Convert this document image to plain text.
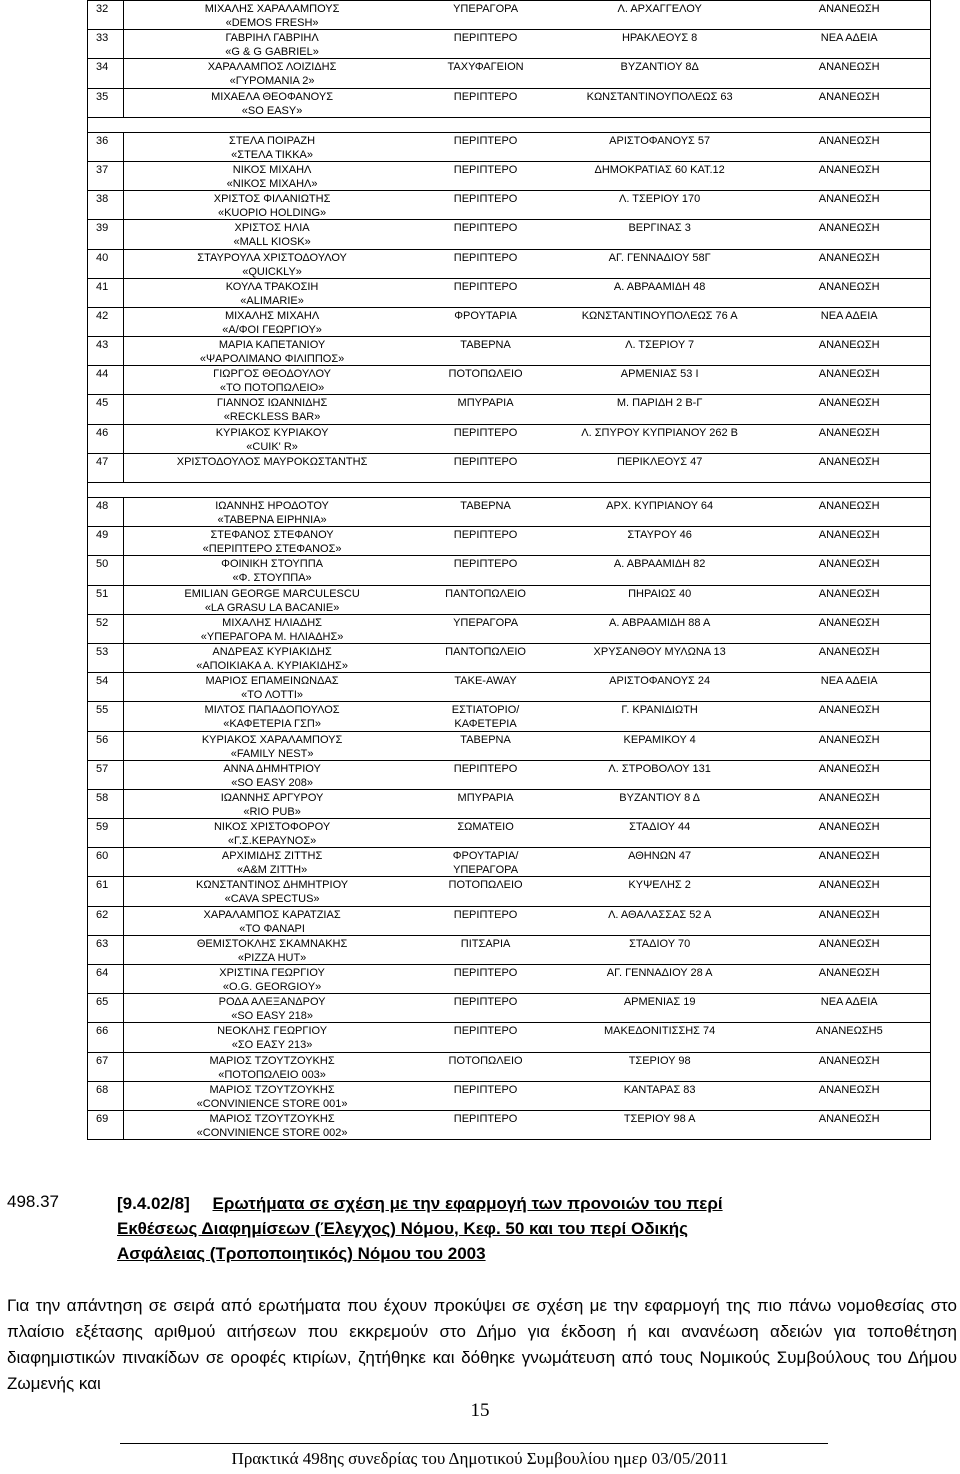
32	ΜΙΧΑΛΗΣ ΧΑΡΑΛΑΜΠΟΥΣ
«DEMOS FRESH»
ΥΠΕΡΑΓΟΡΑ	Λ. ΑΡΧΑΓΓΕΛΟΥ	ΑΝΑΝΕΩΣΗ
33	ΓΑΒΡΙΗΛ ΓΑΒΡΙΗΛ
«G & G GABRIEL»
ΠΕΡΙΠΤΕΡΟ	ΗΡΑΚΛΕΟΥΣ 8	ΝΕΑ ΑΔΕΙΑ
34	ΧΑΡΑΛΑΜΠΟΣ ΛΟΙΖΙΔΗΣ
«ΓΥΡΟΜΑΝΙΑ 2»
ΤΑΧΥΦΑΓΕΙΟΝ	ΒΥΖΑΝΤΙΟΥ 8Δ	ΑΝΑΝΕΩΣΗ
35	ΜΙΧΑΕΛΑ ΘΕΟΦΑΝΟΥΣ
«SO EASY»
ΠΕΡΙΠΤΕΡΟ	ΚΩΝΣΤΑΝΤΙΝΟΥΠΟΛΕΩΣ 63	ΑΝΑΝΕΩΣΗ
36	ΣΤΕΛΑ ΠΟΙΡΑΖΗ
«ΣΤΕΛΑ ΤΙΚΚΑ»
ΠΕΡΙΠΤΕΡΟ	ΑΡΙΣΤΟΦΑΝΟΥΣ 57	ΑΝΑΝΕΩΣΗ
37	ΝΙΚΟΣ ΜΙΧΑΗΛ
«ΝΙΚΟΣ ΜΙΧΑΗΛ»
ΠΕΡΙΠΤΕΡΟ	ΔΗΜΟΚΡΑΤΙΑΣ 60 ΚΑΤ.12	ΑΝΑΝΕΩΣΗ
38	ΧΡΙΣΤΟΣ ΦΙΛΑΝΙΩΤΗΣ
«KUOPIO HOLDING»
ΠΕΡΙΠΤΕΡΟ	Λ. ΤΣΕΡΙΟΥ 170	ΑΝΑΝΕΩΣΗ
39	ΧΡΙΣΤΟΣ ΗΛΙΑ
«MALL KIOSK»
ΠΕΡΙΠΤΕΡΟ	ΒΕΡΓΙΝΑΣ 3	ΑΝΑΝΕΩΣΗ
40	ΣΤΑΥΡΟΥΛΑ ΧΡΙΣΤΟΔΟΥΛΟΥ
«QUICKLY»
ΠΕΡΙΠΤΕΡΟ	ΑΓ. ΓΕΝΝΑΔΙΟΥ 58Γ	ΑΝΑΝΕΩΣΗ
41	ΚΟΥΛΑ ΤΡΑΚΟΣΙΗ
«ALIMARIE»
ΠΕΡΙΠΤΕΡΟ	Α. ΑΒΡΑΑΜΙΔΗ 48	ΑΝΑΝΕΩΣΗ
42	ΜΙΧΑΛΗΣ ΜΙΧΑΗΛ
«Α/ΦΟΙ ΓΕΩΡΓΙΟΥ»
ΦΡΟΥΤΑΡΙΑ	ΚΩΝΣΤΑΝΤΙΝΟΥΠΟΛΕΩΣ 76 Α	ΝΕΑ ΑΔΕΙΑ
43	ΜΑΡΙΑ ΚΑΠΕΤΑΝΙΟΥ
«ΨΑΡΟΛΙΜΑΝΟ ΦΙΛΙΠΠΟΣ»
ΤΑΒΕΡΝΑ	Λ. ΤΣΕΡΙΟΥ 7	ΑΝΑΝΕΩΣΗ
44	ΓΙΩΡΓΟΣ ΘΕΟΔΟΥΛΟΥ
«ΤΟ ΠΟΤΟΠΩΛΕΙΟ»
ΠΟΤΟΠΩΛΕΙΟ	ΑΡΜΕΝΙΑΣ 53 Ι	ΑΝΑΝΕΩΣΗ
45	ΓΙΑΝΝΟΣ ΙΩΑΝΝΙΔΗΣ
«RECKLESS BAR»
ΜΠΥΡΑΡΙΑ	Μ. ΠΑΡΙΔΗ 2 Β-Γ	ΑΝΑΝΕΩΣΗ
46	ΚΥΡΙΑΚΟΣ ΚΥΡΙΑΚΟΥ
«CUIK' R»
ΠΕΡΙΠΤΕΡΟ	Λ. ΣΠΥΡΟΥ ΚΥΠΡΙΑΝΟΥ 262 Β	ΑΝΑΝΕΩΣΗ
47	ΧΡΙΣΤΟΔΟΥΛΟΣ ΜΑΥΡΟΚΩΣΤΑΝΤΗΣ	ΠΕΡΙΠΤΕΡΟ	ΠΕΡΙΚΛΕΟΥΣ 47	ΑΝΑΝΕΩΣΗ
48	ΙΩΑΝΝΗΣ ΗΡΟΔΟΤΟΥ
«ΤΑΒΕΡΝΑ ΕΙΡΗΝΙΑ»
ΤΑΒΕΡΝΑ	ΑΡΧ. ΚΥΠΡΙΑΝΟΥ 64	ΑΝΑΝΕΩΣΗ
49	ΣΤΕΦΑΝΟΣ ΣΤΕΦΑΝΟΥ
«ΠΕΡΙΠΤΕΡΟ ΣΤΕΦΑΝΟΣ»
ΠΕΡΙΠΤΕΡΟ	ΣΤΑΥΡΟΥ 46	ΑΝΑΝΕΩΣΗ
50	ΦΟΙΝΙΚΗ ΣΤΟΥΠΠΑ
«Φ. ΣΤΟΥΠΠΑ»
ΠΕΡΙΠΤΕΡΟ	Α. ΑΒΡΑΑΜΙΔΗ 82	ΑΝΑΝΕΩΣΗ
51	EMILIAN GEORGE MARCULESCU
«LA GRASU LA BACANIE»
ΠΑΝΤΟΠΩΛΕΙΟ	ΠΗΡΑΙΩΣ 40	ΑΝΑΝΕΩΣΗ
52	ΜΙΧΑΛΗΣ ΗΛΙΑΔΗΣ
«ΥΠΕΡΑΓΟΡΑ Μ. ΗΛΙΑΔΗΣ»
ΥΠΕΡΑΓΟΡΑ	Α. ΑΒΡΑΑΜΙΔΗ 88 Α	ΑΝΑΝΕΩΣΗ
53	ΑΝΔΡΕΑΣ ΚΥΡΙΑΚΙΔΗΣ
«ΑΠΟΙΚΙΑΚΑ Α. ΚΥΡΙΑΚΙΔΗΣ»
ΠΑΝΤΟΠΩΛΕΙΟ	ΧΡΥΣΑΝΘΟΥ ΜΥΛΩΝΑ 13	ΑΝΑΝΕΩΣΗ
54	ΜΑΡΙΟΣ ΕΠΑΜΕΙΝΩΝΔΑΣ
«ΤΟ ΛΟΤΤΙ»
TAKE-AWAY	ΑΡΙΣΤΟΦΑΝΟΥΣ 24	ΝΕΑ ΑΔΕΙΑ
55	ΜΙΛΤΟΣ ΠΑΠΑΔΟΠΟΥΛΟΣ
«ΚΑΦΕΤΕΡΙΑ ΓΣΠ»
ΕΣΤΙΑΤΟΡΙΟ/
ΚΑΦΕΤΕΡΙΑ
Γ. ΚΡΑΝΙΔΙΩΤΗ	ΑΝΑΝΕΩΣΗ
56	ΚΥΡΙΑΚΟΣ ΧΑΡΑΛΑΜΠΟΥΣ
«FAMILY NEST»
ΤΑΒΕΡΝΑ	ΚΕΡΑΜΙΚΟΥ 4	ΑΝΑΝΕΩΣΗ
57	ΑΝΝΑ ΔΗΜΗΤΡΙΟΥ
«SO EASY 208»
ΠΕΡΙΠΤΕΡΟ	Λ. ΣΤΡΟΒΟΛΟΥ 131	ΑΝΑΝΕΩΣΗ
58	ΙΩΑΝΝΗΣ ΑΡΓΥΡΟΥ
«RIO PUB»
ΜΠΥΡΑΡΙΑ	ΒΥΖΑΝΤΙΟΥ 8 Δ	ΑΝΑΝΕΩΣΗ
59	ΝΙΚΟΣ ΧΡΙΣΤΟΦΟΡΟΥ
«Γ.Σ.ΚΕΡΑΥΝΟΣ»
ΣΩΜΑΤΕΙΟ	ΣΤΑΔΙΟΥ 44	ΑΝΑΝΕΩΣΗ
60	ΑΡΧΙΜΙΔΗΣ ΖΙΤΤΗΣ
«A&M ZITTH»
ΦΡΟΥΤΑΡΙΑ/
ΥΠΕΡΑΓΟΡΑ
ΑΘΗΝΩΝ 47	ΑΝΑΝΕΩΣΗ
61	ΚΩΝΣΤΑΝΤΙΝΟΣ ΔΗΜΗΤΡΙΟΥ
«CAVA SPECTUS»
ΠΟΤΟΠΩΛΕΙΟ	ΚΥΨΕΛΗΣ 2	ΑΝΑΝΕΩΣΗ
62	ΧΑΡΑΛΑΜΠΟΣ ΚΑΡΑΤΖΙΑΣ
«ΤΟ ΦΑΝΑΡΙ
ΠΕΡΙΠΤΕΡΟ	Λ. ΑΘΑΛΑΣΣΑΣ 52 Α	ΑΝΑΝΕΩΣΗ
63	ΘΕΜΙΣΤΟΚΛΗΣ ΣΚΑΜΝΑΚΗΣ
«PIZZA HUT»
ΠΙΤΣΑΡΙΑ	ΣΤΑΔΙΟΥ 70	ΑΝΑΝΕΩΣΗ
64	ΧΡΙΣΤΙΝΑ ΓΕΩΡΓΙΟΥ
«O.G. GEORGIOY»
ΠΕΡΙΠΤΕΡΟ	ΑΓ. ΓΕΝΝΑΔΙΟΥ 28 Α	ΑΝΑΝΕΩΣΗ
65	ΡΟΔΑ ΑΛΕΞΑΝΔΡΟΥ
«SO EASY 218»
ΠΕΡΙΠΤΕΡΟ	ΑΡΜΕΝΙΑΣ 19	ΝΕΑ ΑΔΕΙΑ
66	ΝΕΟΚΛΗΣ ΓΕΩΡΓΙΟΥ
«ΣΟ ΕΑΣΥ 213»
ΠΕΡΙΠΤΕΡΟ	ΜΑΚΕΔΟΝΙΤΙΣΣΗΣ 74	ΑΝΑΝΕΩΣΗ5
67	ΜΑΡΙΟΣ ΤΖΟΥΤΖΟΥΚΗΣ
«ΠΟΤΟΠΩΛΕΙΟ 003»
ΠΟΤΟΠΩΛΕΙΟ	ΤΣΕΡΙΟΥ 98	ΑΝΑΝΕΩΣΗ
68	ΜΑΡΙΟΣ ΤΖΟΥΤΖΟΥΚΗΣ
«CONVINIENCE STORE 001»
ΠΕΡΙΠΤΕΡΟ	ΚΑΝΤΑΡΑΣ 83	ΑΝΑΝΕΩΣΗ
69	ΜΑΡΙΟΣ ΤΖΟΥΤΖΟΥΚΗΣ
«CONVINIENCE STORE 002»
ΠΕΡΙΠΤΕΡΟ	ΤΣΕΡΙΟΥ 98 Α	ΑΝΑΝΕΩΣΗ
498.37	[9.4.02/8] Ερωτήματα σε σχέση με την εφαρμογή των προνοιών του περί
Εκθέσεως Διαφημίσεων (Έλεγχος) Νόμου, Κεφ. 50 και του περί Οδικής
Ασφάλειας (Τροποποιητικός) Νόμου του 2003
Για την απάντηση σε σειρά από ερωτήματα που έχουν προκύψει σε σχέση με την εφαρμογή της πιο πάνω νομοθεσίας στο πλαίσιο εξέτασης αριθμού αιτήσεων που εκκρεμούν στο Δήμο για έκδοση ή και ανανέωση αδειών για τοποθέτηση διαφημιστικών πινακίδων σε οροφές κτιρίων, ζητήθηκε και δόθηκε γνωμάτευση από τους Νομικούς Συμβούλους του Δήμου Ζωμενής και
15
Πρακτικά 498ης συνεδρίας του Δημοτικού Συμβουλίου ημερ 03/05/2011
